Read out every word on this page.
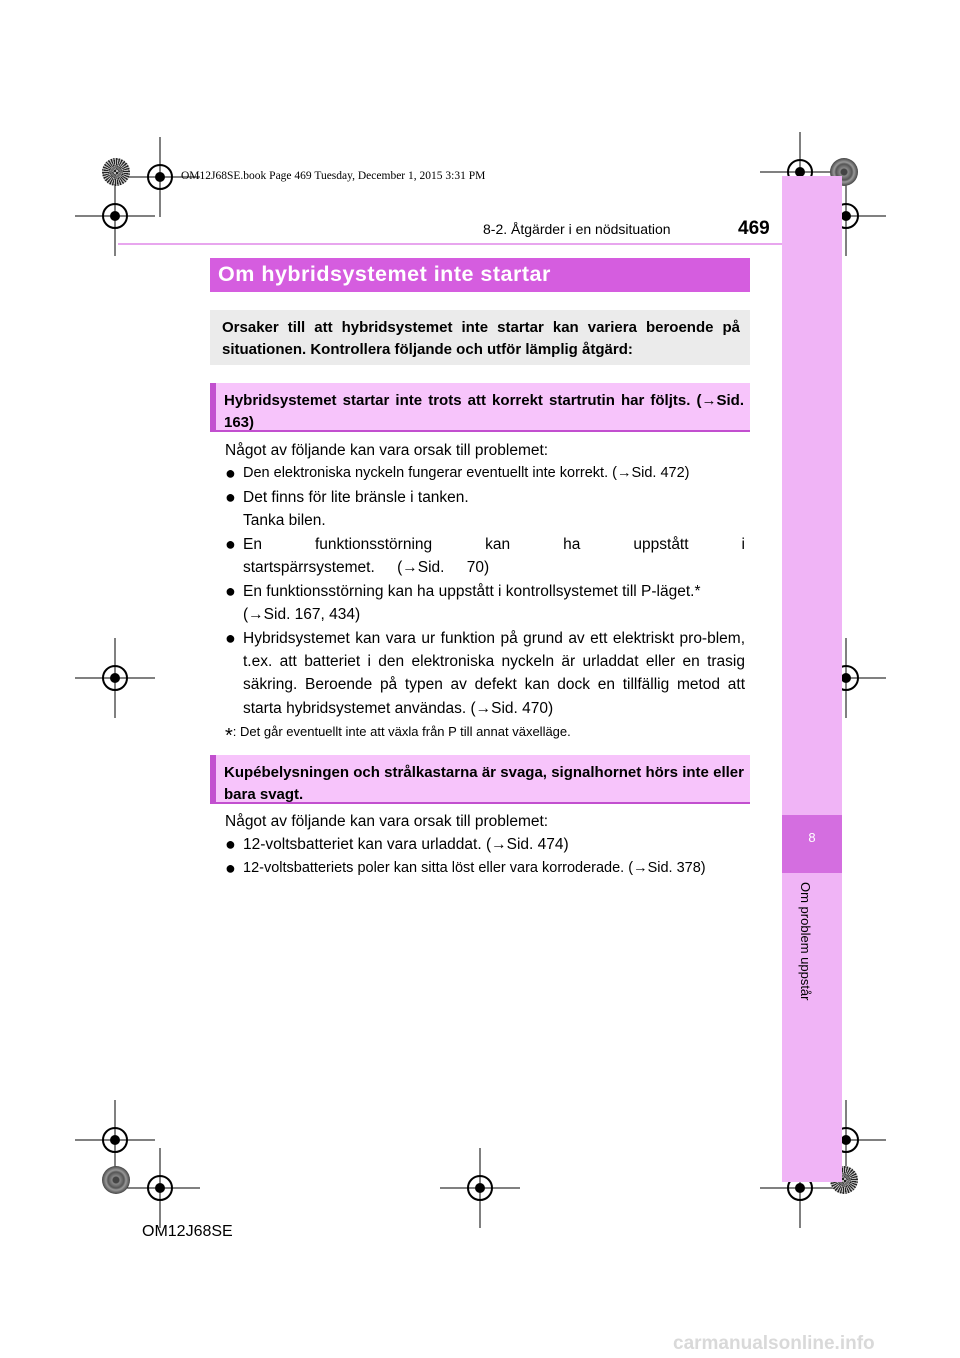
OM12J68SE.book Page 469 Tuesday, December 1, 2015 3:31 PM
8-2. Åtgärder i en nödsituation	469
8
Om problem uppstår
Om hybridsystemet inte startar

Orsaker till att hybridsystemet inte startar kan variera beroende på situationen. Kontrollera följande och utför lämplig åtgärd:

Hybridsystemet startar inte trots att korrekt startrutin har följts. (→Sid. 163)

Något av följande kan vara orsak till problemet:
● Den elektroniska nyckeln fungerar eventuellt inte korrekt. (→Sid. 472)
● Det finns för lite bränsle i tanken. Tanka bilen.
● En funktionsstörning kan ha uppstått i startspärrsystemet. (→Sid. 70)
● En funktionsstörning kan ha uppstått i kontrollsystemet till P-läget.* (→Sid. 167, 434)
● Hybridsystemet kan vara ur funktion på grund av ett elektriskt pro-blem, t.ex. att batteriet i den elektroniska nyckeln är urladdat eller en trasig säkring. Beroende på typen av defekt kan dock en tillfällig metod att starta hybridsystemet användas. (→Sid. 470)
*: Det går eventuellt inte att växla från P till annat växelläge.

Kupébelysningen och strålkastarna är svaga, signalhornet hörs inte eller bara svagt.

Något av följande kan vara orsak till problemet:
● 12-voltsbatteriet kan vara urladdat. (→Sid. 474)
● 12-voltsbatteriets poler kan sitta löst eller vara korroderade. (→Sid. 378)
OM12J68SE
carmanualsonline.info
